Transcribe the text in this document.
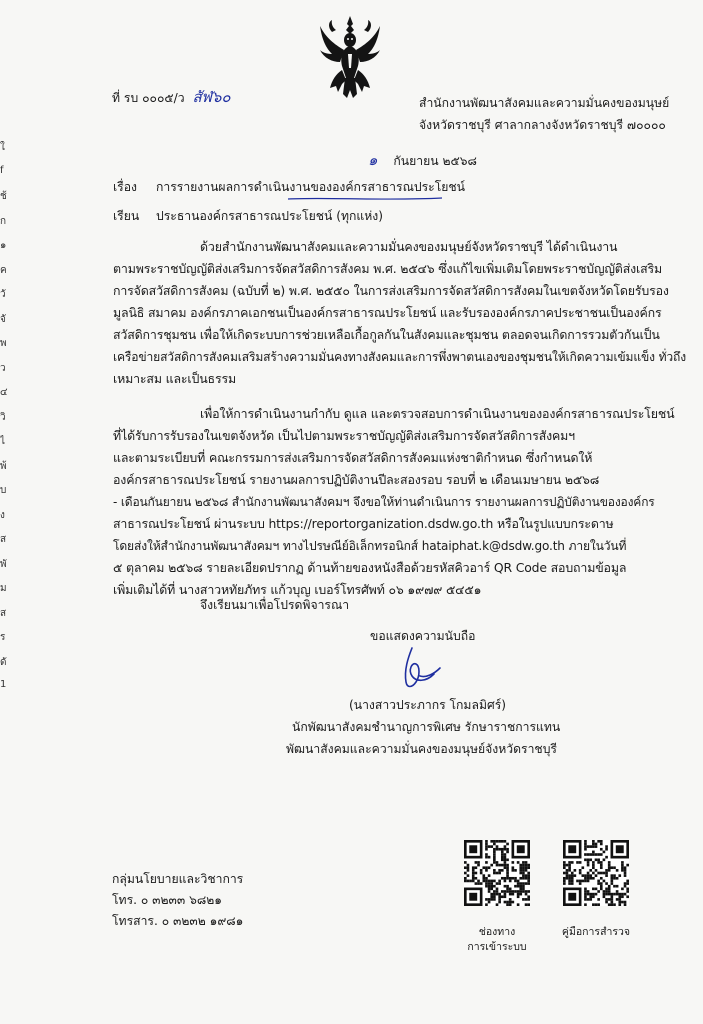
ใ
f
ช้
ก
๑
ค
วั
จั
พ
ว
๔
วิ
ไ
พ้
บ
ง
ส
พั
ม
ส
ร
ดั
1
ที่ รบ ๐๐๐๕/ว สัฬ๖๐	สำนักงานพัฒนาสังคมและความมั่นคงของมนุษย์
จังหวัดราชบุรี ศาลากลางจังหวัดราชบุรี ๗๐๐๐๐
๑ กันยายน ๒๕๖๘
เรื่อง การรายงานผลการดำเนินงานขององค์กรสาธารณประโยชน์
เรียน ประธานองค์กรสาธารณประโยชน์ (ทุกแห่ง)
ด้วยสำนักงานพัฒนาสังคมและความมั่นคงของมนุษย์จังหวัดราชบุรี ได้ดำเนินงาน
ตามพระราชบัญญัติส่งเสริมการจัดสวัสดิการสังคม พ.ศ. ๒๕๔๖ ซึ่งแก้ไขเพิ่มเติมโดยพระราชบัญญัติส่งเสริม
การจัดสวัสดิการสังคม (ฉบับที่ ๒) พ.ศ. ๒๕๕๐ ในการส่งเสริมการจัดสวัสดิการสังคมในเขตจังหวัดโดยรับรอง
มูลนิธิ สมาคม องค์กรภาคเอกชนเป็นองค์กรสาธารณประโยชน์ และรับรององค์กรภาคประชาชนเป็นองค์กร
สวัสดิการชุมชน เพื่อให้เกิดระบบการช่วยเหลือเกื้อกูลกันในสังคมและชุมชน ตลอดจนเกิดการรวมตัวกันเป็น
เครือข่ายสวัสดิการสังคมเสริมสร้างความมั่นคงทางสังคมและการพึ่งพาตนเองของชุมชนให้เกิดความเข้มแข็ง ทั่วถึง
เหมาะสม และเป็นธรรม
เพื่อให้การดำเนินงานกำกับ ดูแล และตรวจสอบการดำเนินงานขององค์กรสาธารณประโยชน์
ที่ได้รับการรับรองในเขตจังหวัด เป็นไปตามพระราชบัญญัติส่งเสริมการจัดสวัสดิการสังคมฯ
และตามระเบียบที่ คณะกรรมการส่งเสริมการจัดสวัสดิการสังคมแห่งชาติกำหนด ซึ่งกำหนดให้
องค์กรสาธารณประโยชน์ รายงานผลการปฏิบัติงานปีละสองรอบ รอบที่ ๒ เดือนเมษายน ๒๕๖๘
- เดือนกันยายน ๒๕๖๘ สำนักงานพัฒนาสังคมฯ จึงขอให้ท่านดำเนินการ รายงานผลการปฏิบัติงานขององค์กร
สาธารณประโยชน์ ผ่านระบบ https://reportorganization.dsdw.go.th หรือในรูปแบบกระดาษ
โดยส่งให้สำนักงานพัฒนาสังคมฯ ทางไปรษณีย์อิเล็กทรอนิกส์ hataiphat.k@dsdw.go.th ภายในวันที่
๕ ตุลาคม ๒๕๖๘ รายละเอียดปรากฏ ด้านท้ายของหนังสือด้วยรหัสคิวอาร์ QR Code สอบถามข้อมูล
เพิ่มเติมได้ที่ นางสาวหทัยภัทร แก้วบุญ เบอร์โทรศัพท์ ๐๖ ๑๙๗๙ ๕๔๕๑
จึงเรียนมาเพื่อโปรดพิจารณา
ขอแสดงความนับถือ
(นางสาวประภากร โกมลมิศร์)
นักพัฒนาสังคมชำนาญการพิเศษ รักษาราชการแทน
พัฒนาสังคมและความมั่นคงของมนุษย์จังหวัดราชบุรี
กลุ่มนโยบายและวิชาการ
โทร. ๐ ๓๒๓๓ ๖๘๒๑
โทรสาร. ๐ ๓๒๓๒ ๑๙๘๑
ช่องทาง
การเข้าระบบ
คู่มือการสำรวจ
